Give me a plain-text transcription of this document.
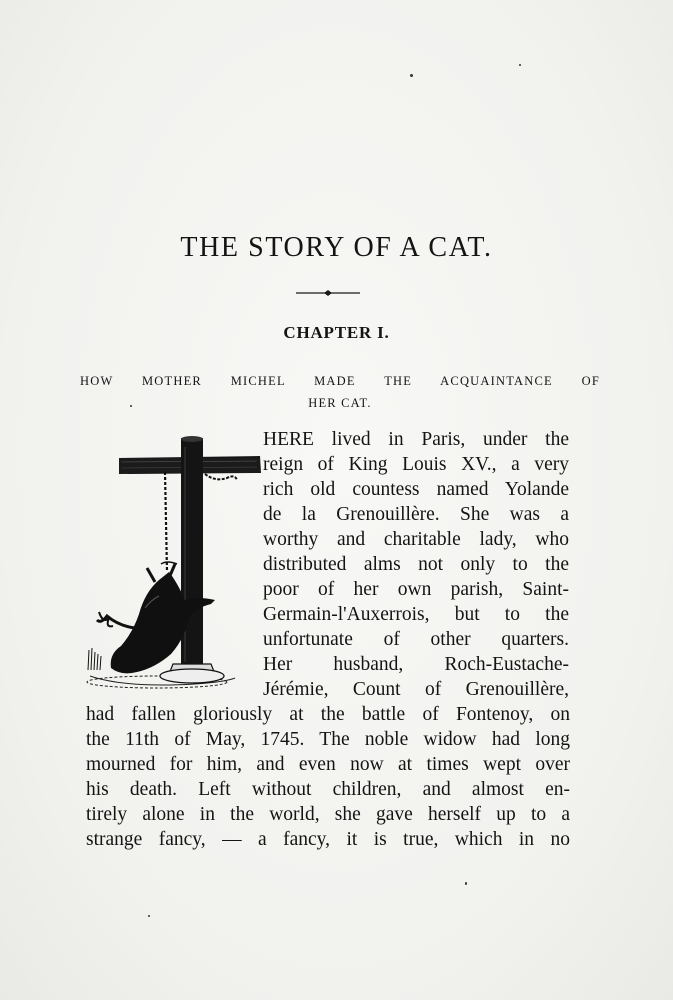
THE STORY OF A CAT.
CHAPTER I.

HOW MOTHER MICHEL MADE THE ACQUAINTANCE OF
HER CAT.

HERE lived in Paris, under the

reign of King Louis XV., a very

rich old countess named Yolande

de la Grenouillère. She was a

worthy and charitable lady, who

distributed alms not only to the

poor of her own parish, Saint-

Germain-l'Auxerrois, but to the

unfortunate of other quarters.

Her husband, Roch-Eustache-

Jérémie, Count of Grenouillère,

had fallen gloriously at the battle of Fontenoy, on

the 11th of May, 1745. The noble widow had long

mourned for him, and even now at times wept over

his death. Left without children, and almost en-

tirely alone in the world, she gave herself up to a

strange fancy, — a fancy, it is true, which in no
